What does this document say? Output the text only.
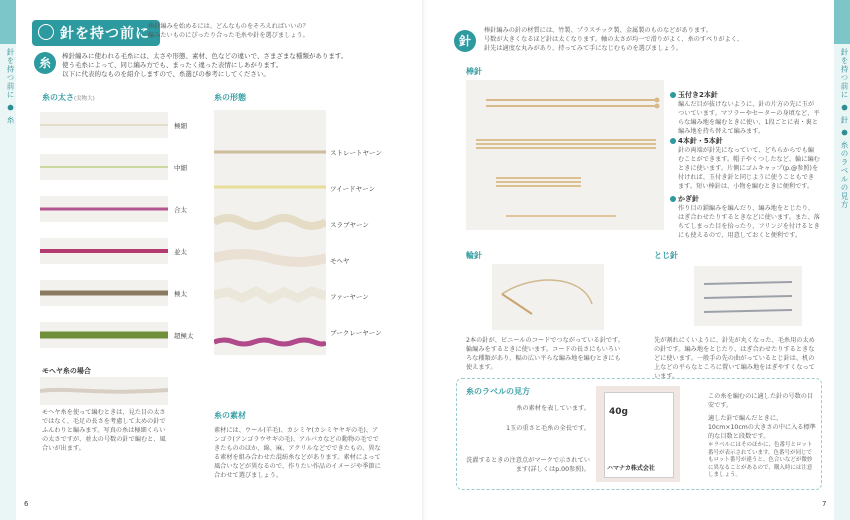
針を持つ前に ● 糸
針を持つ前に
棒針編みを始めるには、どんなものをそろえればいいの？
編みたいものにぴったり合った毛糸や針を選びましょう。
糸	棒針編みに使われる毛糸には、太さや形態、素材、色などの違いで、さまざまな種類があります。
使う毛糸によって、同じ編み方でも、まったく違った表情にしあがります。
以下に代表的なものを紹介しますので、糸選びの参考にしてください。
糸の太さ(実物大)
極細
中細
合太
並太
極太
超極太
モヘヤ糸の場合
モヘヤ糸を使って編むときは、見た目の太さではなく、毛足の長さを考慮して太めの針でふんわりと編みます。写真の糸は極細くらいの太さですが、並太の号数の針で編むと、風合いが出ます。
糸の形態
ストレートヤーン
ツイードヤーン
スラブヤーン
モヘヤ
ファーヤーン
ブークレーヤーン
糸の素材
素材には、ウール(羊毛)、カシミヤ(カシミヤヤギの毛)、アンゴラ(アンゴラウサギの毛)、アルパカなどの動物の毛でできたもののほか、綿、麻、アクリルなどでできたもの、異なる素材を組み合わせた混紡糸などがあります。素材によって風合いなどが異なるので、作りたい作品のイメージや季節に合わせて選びましょう。
6
針を持つ前に ● 針 ● 糸のラベルの見方
針
棒針編みの針の材質には、竹製、プラスチック製、金属製のものなどがあります。
号数が大きくなるほど針は太くなります。軸の太さが均一で滑りがよく、糸のすべりがよく、
針先は適度な丸みがあり、持ってみて手になじむものを選びましょう。
棒針
玉付き2本針
編んだ目が抜けないように、針の片方の先に玉がついています。マフラーやセーターの身頃など、平らな編み地を編むときに使い、1段ごとに表・裏と編み地を持ち替えて編みます。
4本針・5本針
針の両端が針先になっていて、どちらからでも編むことができます。帽子やくつしたなど、輪に編むときに使います。片側にゴムキャップ(p.@参照)を付ければ、玉付き針と同じように使うこともできます。短い棒針は、小物を編むときに便利です。
かぎ針
作り目の鎖編みを編んだり、編み地をとじたり、はぎ合わせたりするときなどに使います。また、落ちてしまった目を拾ったり、フリンジを付けるときにも使えるので、用意しておくと便利です。
輪針
2本の針が、ビニールのコードでつながっている針です。輪編みをするときに使います。コードの長さにもいろいろな種類があり、幅の広い平らな編み地を編むときにも使えます。
とじ針
先が割れにくいように、針先が丸くなった、毛糸用の太めの針です。編み地をとじたり、はぎ合わせたりするときなどに使います。一般手の先の曲がっているとじ針は、机の上などの平らなところに置いて編み地をはぎやすくなっています。
糸のラベルの見方
40g
ハマナカ株式会社
糸の素材を表しています。
1玉の重さと毛糸の全長です。
洗濯するときの注意点がマークで示されています(詳しくはp.00参照)。
この糸を編むのに適した針の号数の目安です。
適した針で編んだときに、10cm×10cmの大きさの中に入る標準的な目数と段数です。
＊ラベルにはそのほかに、色番号とロット番号が表示されています。色番号が同じでもロット番号が違うと、色合いなどが微妙に異なることがあるので、購入時には注意しましょう。
7
